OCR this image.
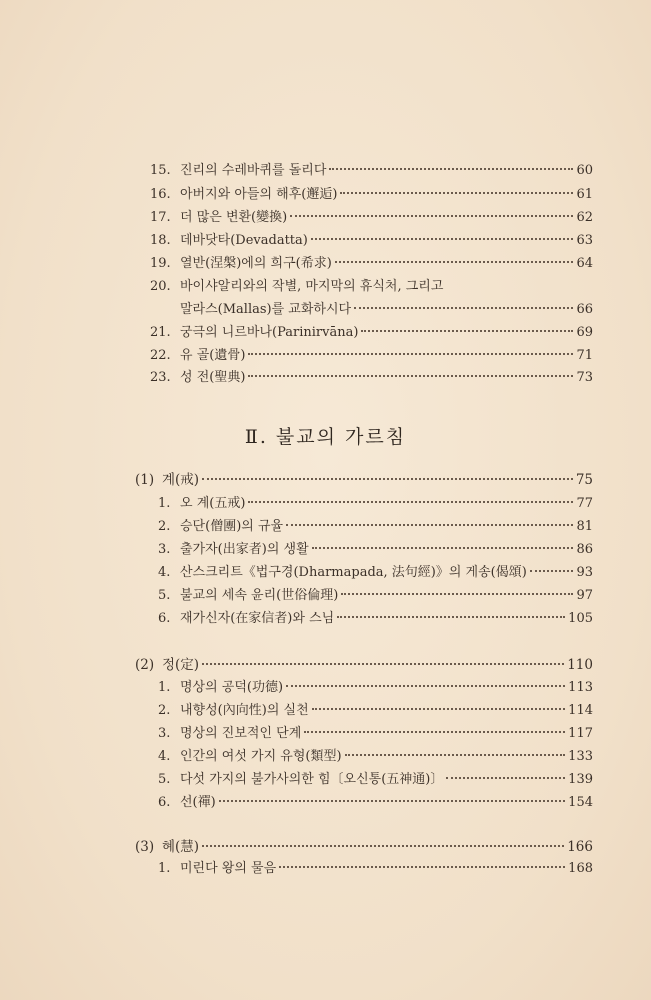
15. 진리의 수레바퀴를 돌리다	60
16. 아버지와 아들의 해후(邂逅)	61
17. 더 많은 변환(變換)	62
18. 데바닷타(Devadatta)	63
19. 열반(涅槃)에의 희구(希求)	64
20. 바이샤알리와의 작별, 마지막의 휴식처, 그리고
말라스(Mallas)를 교화하시다	66
21. 궁극의 니르바나(Parinirvāna)	69
22. 유 골(遺骨)	71
23. 성 전(聖典)	73
Ⅱ. 불교의 가르침
(1) 계(戒)	75
1. 오 계(五戒)	77
2. 승단(僧團)의 규율	81
3. 출가자(出家者)의 생활	86
4. 산스크리트《법구경(Dharmapada, 法句經)》의 게송(偈頌)	93
5. 불교의 세속 윤리(世俗倫理)	97
6. 재가신자(在家信者)와 스님	105
(2) 정(定)	110
1. 명상의 공덕(功德)	113
2. 내향성(內向性)의 실천	114
3. 명상의 진보적인 단계	117
4. 인간의 여섯 가지 유형(類型)	133
5. 다섯 가지의 불가사의한 힘〔오신통(五神通)〕	139
6. 선(禪)	154
(3) 혜(慧)	166
1. 미린다 왕의 물음	168
